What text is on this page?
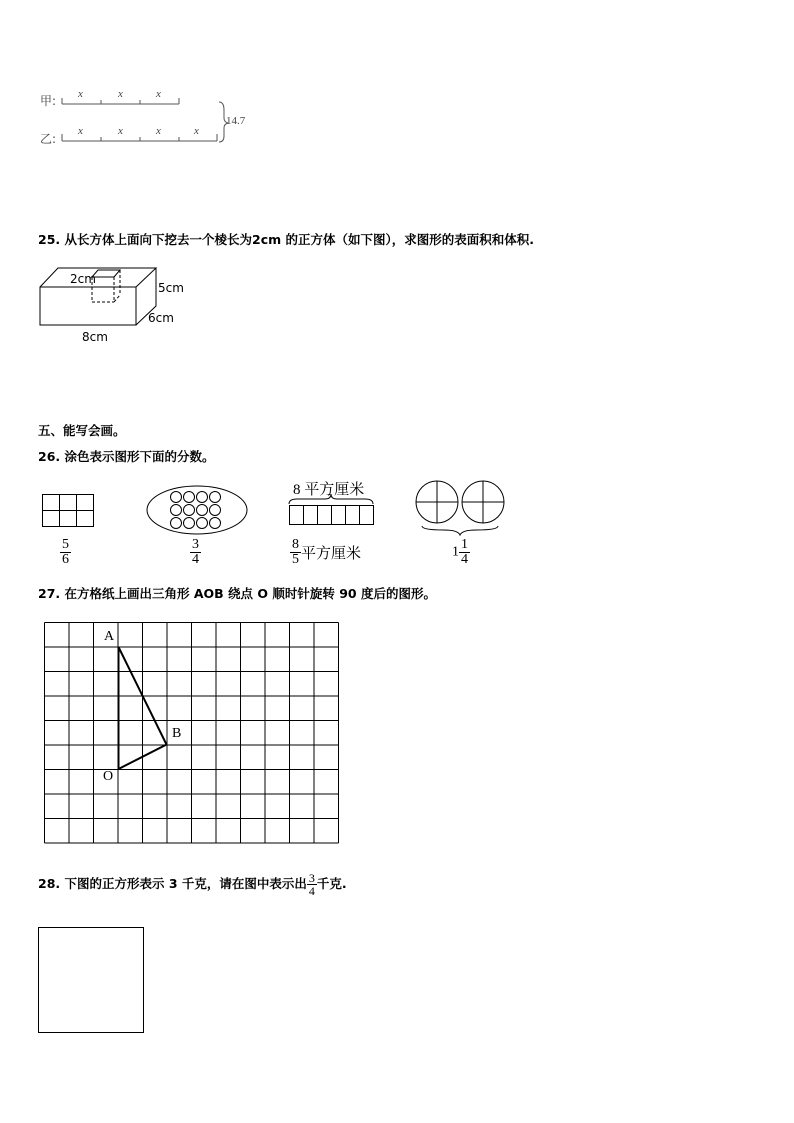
甲:
乙:
x	x	x
x	x	x	x
14.7
25. 从长方体上面向下挖去一个棱长为2cm 的正方体（如下图），求图形的表面积和体积.
2cm
5cm
6cm
8cm
五、能写会画。
26. 涂色表示图形下面的分数。
$\frac{5}{6}$	$\frac{3}{4}$
8 平方厘米
$\frac{8}{5}$ 平方厘米	$1 \frac{1}{4}$
27. 在方格纸上画出三角形 AOB 绕点 O 顺时针旋转 90 度后的图形。
A
B
O
28. 下图的正方形表示 3 千克，请在图中表示出 $\frac{3}{4}$ 千克.
